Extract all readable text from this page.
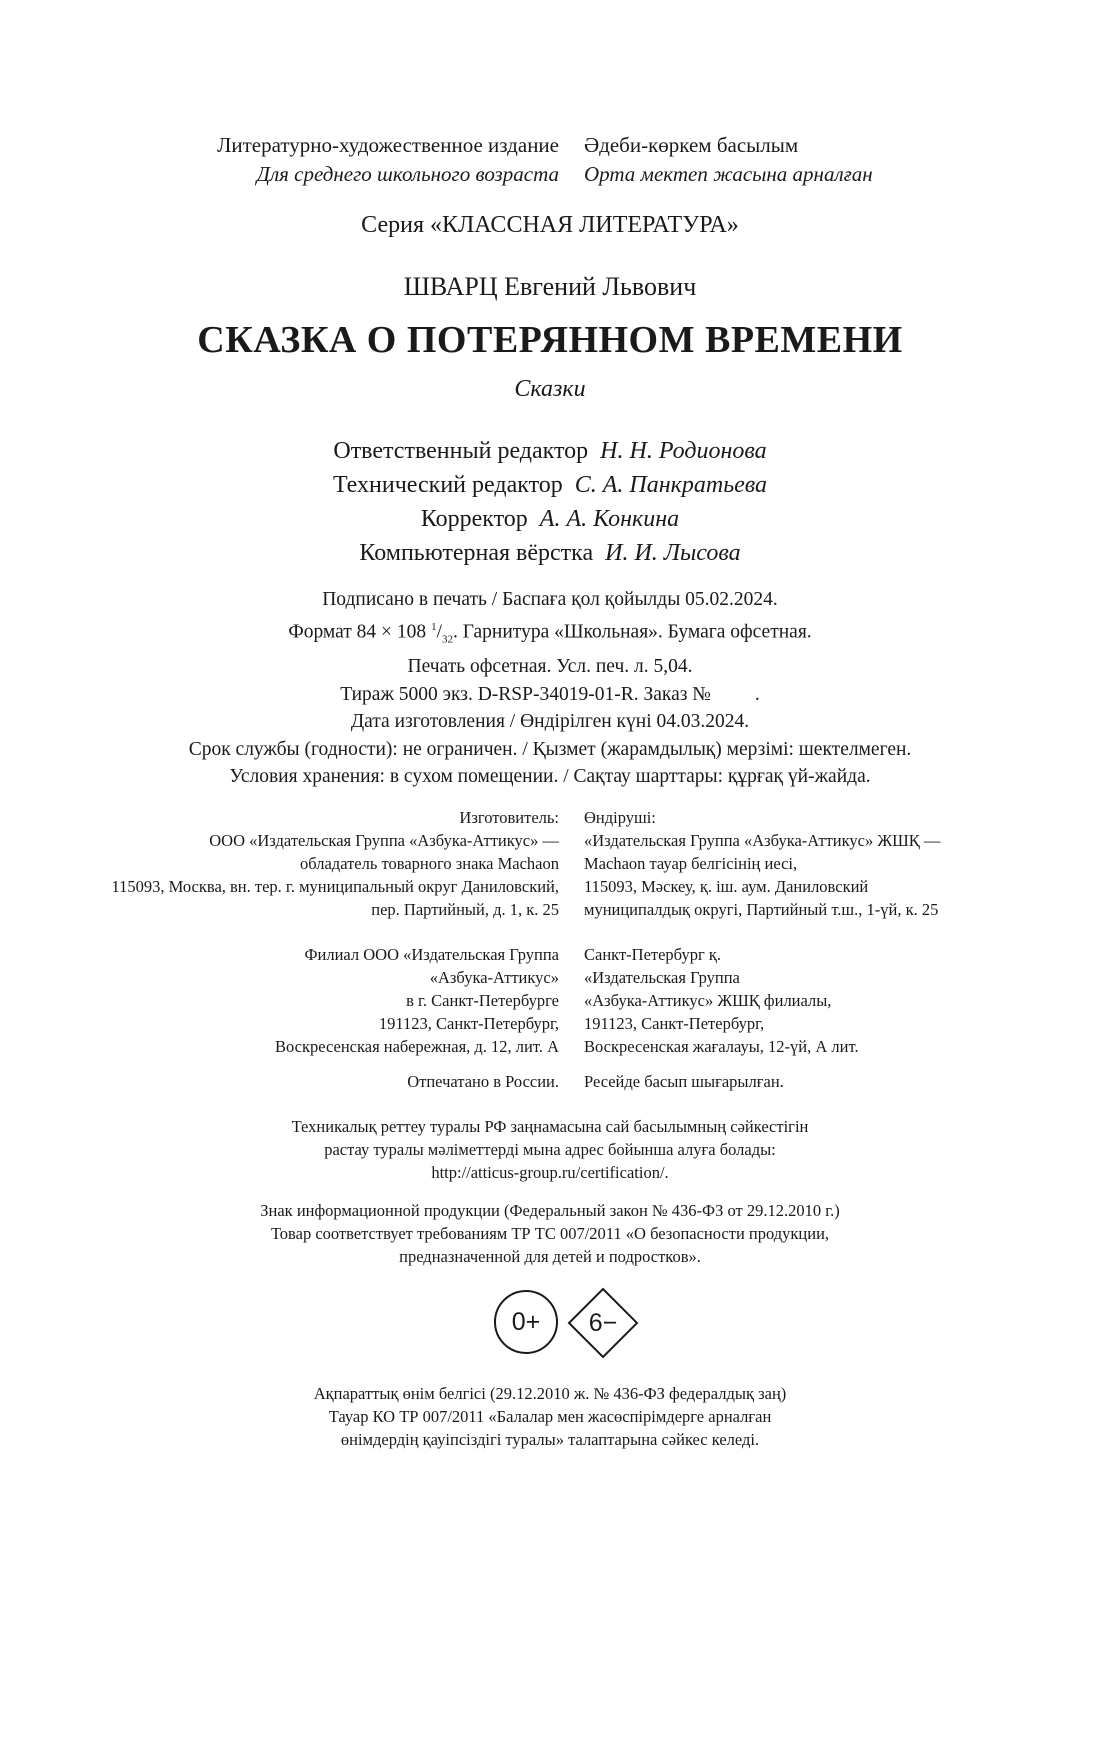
Литературно-художественное издание Әдеби-көркем басылым
Для среднего школьного возраста Орта мектеп жасына арналған
Серия «КЛАССНАЯ ЛИТЕРАТУРА»
ШВАРЦ Евгений Львович
СКАЗКА О ПОТЕРЯННОМ ВРЕМЕНИ
Сказки
Ответственный редактор Н. Н. Родионова
Технический редактор С. А. Панкратьева
Корректор А. А. Конкина
Компьютерная вёрстка И. И. Лысова
Подписано в печать / Баспаға қол қойылды 05.02.2024.
Формат 84 × 108 $^1/_{32}$. Гарнитура «Школьная». Бумага офсетная.
Печать офсетная. Усл. печ. л. 5,04.
Тираж 5000 экз. D-RSP-34019-01-R. Заказ № .
Дата изготовления / Өндірілген күні 04.03.2024.
Срок службы (годности): не ограничен. / Қызмет (жарамдылық) мерзімі: шектелмеген.
Условия хранения: в сухом помещении. / Сақтау шарттары: құрғақ үй-жайда.
Изготовитель:
ООО «Издательская Группа «Азбука-Аттикус» —
обладатель товарного знака Machaon
115093, Москва, вн. тер. г. муниципальный округ Даниловский,
пер. Партийный, д. 1, к. 25
Өндіруші:
«Издательская Группа «Азбука-Аттикус» ЖШҚ —
Machaon тауар белгісінің иесі,
115093, Мәскеу, қ. іш. аум. Даниловский
муниципалдық округі, Партийный т.ш., 1-үй, к. 25
Филиал ООО «Издательская Группа
«Азбука-Аттикус»
в г. Санкт-Петербурге
191123, Санкт-Петербург,
Воскресенская набережная, д. 12, лит. А
Санкт-Петербург қ.
«Издательская Группа
«Азбука-Аттикус» ЖШҚ филиалы,
191123, Санкт-Петербург,
Воскресенская жағалауы, 12-үй, А лит.
Отпечатано в России. Ресейде басып шығарылған.
Техникалық реттеу туралы РФ заңнамасына сай басылымның сәйкестігін
растау туралы мәліметтерді мына адрес бойынша алуға болады:
http://atticus-group.ru/certification/.
Знак информационной продукции (Федеральный закон № 436-ФЗ от 29.12.2010 г.)
Товар соответствует требованиям ТР ТС 007/2011 «О безопасности продукции,
предназначенной для детей и подростков».
0+	6−
Ақпараттық өнім белгісі (29.12.2010 ж. № 436-ФЗ федералдық заң)
Тауар КО ТР 007/2011 «Балалар мен жасөспірімдерге арналған
өнімдердің қауіпсіздігі туралы» талаптарына сәйкес келеді.
